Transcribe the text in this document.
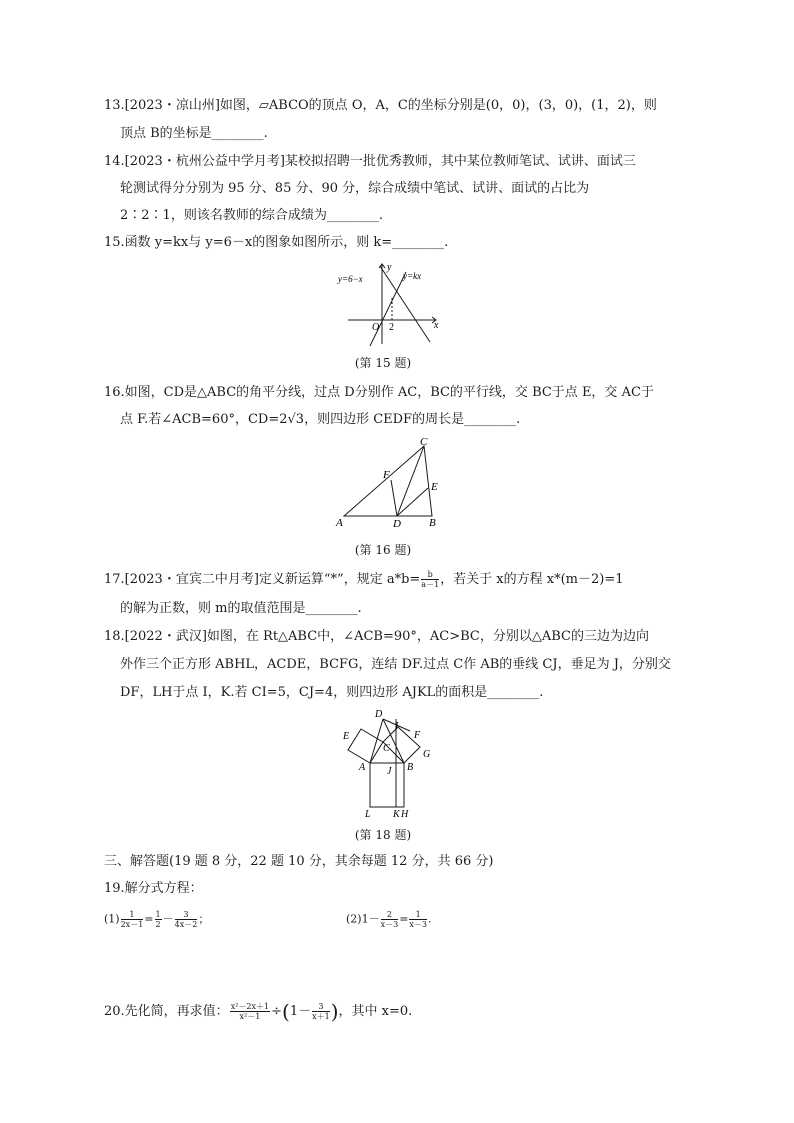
13.[2023・凉山州]如图，▱ABCO的顶点 O，A，C的坐标分别是(0，0)，(3，0)，(1，2)，则
顶点 B的坐标是________.
14.[2023・杭州公益中学月考]某校拟招聘一批优秀教师，其中某位教师笔试、试讲、面试三
轮测试得分分别为 95 分、85 分、90 分，综合成绩中笔试、试讲、面试的占比为
2∶2∶1，则该名教师的综合成绩为________.
15.函数 y=kx与 y=6－x的图象如图所示，则 k=________.
y
x
O 2
y=6−x	y=kx
(第 15 题)
16.如图，CD是△ABC的角平分线，过点 D分别作 AC，BC的平行线，交 BC于点 E，交 AC于
点 F.若∠ACB=60°，CD=2√3，则四边形 CEDF的周长是________.
A	B
C
D
E
F
(第 16 题)
17.[2023・宜宾二中月考]定义新运算“*”，规定 $a*b= \frac{b}{a-1}$ ，若关于 x的方程 x*(m－2)=1
的解为正数，则 m的取值范围是________.
18.[2022・武汉]如图，在 Rt△ABC中，∠ACB=90°，AC>BC，分别以△ABC的三边为边向
外作三个正方形 ABHL，ACDE，BCFG，连结 DF.过点 C作 AB的垂线 CJ，垂足为 J，分别交
DF，LH于点 I，K.若 CI=5，CJ=4，则四边形 AJKL的面积是________.
D
I
E	F
G
C
A	B
J
L K H
(第 18 题)
三、解答题(19 题 8 分，22 题 10 分，其余每题 12 分，共 66 分)
19.解分式方程：
$(1) \frac{1}{2x-1} = \frac{1}{2} - \frac{3}{4x-2}$ ；	$(2)1- \frac{2}{x-3} = \frac{1}{x-3}$ .
20.先化简，再求值： $\frac{\text{x²－2x＋1}}{\text{x²－1}} \div(1- \frac{3}{x+1}$ )，其中 x=0.
